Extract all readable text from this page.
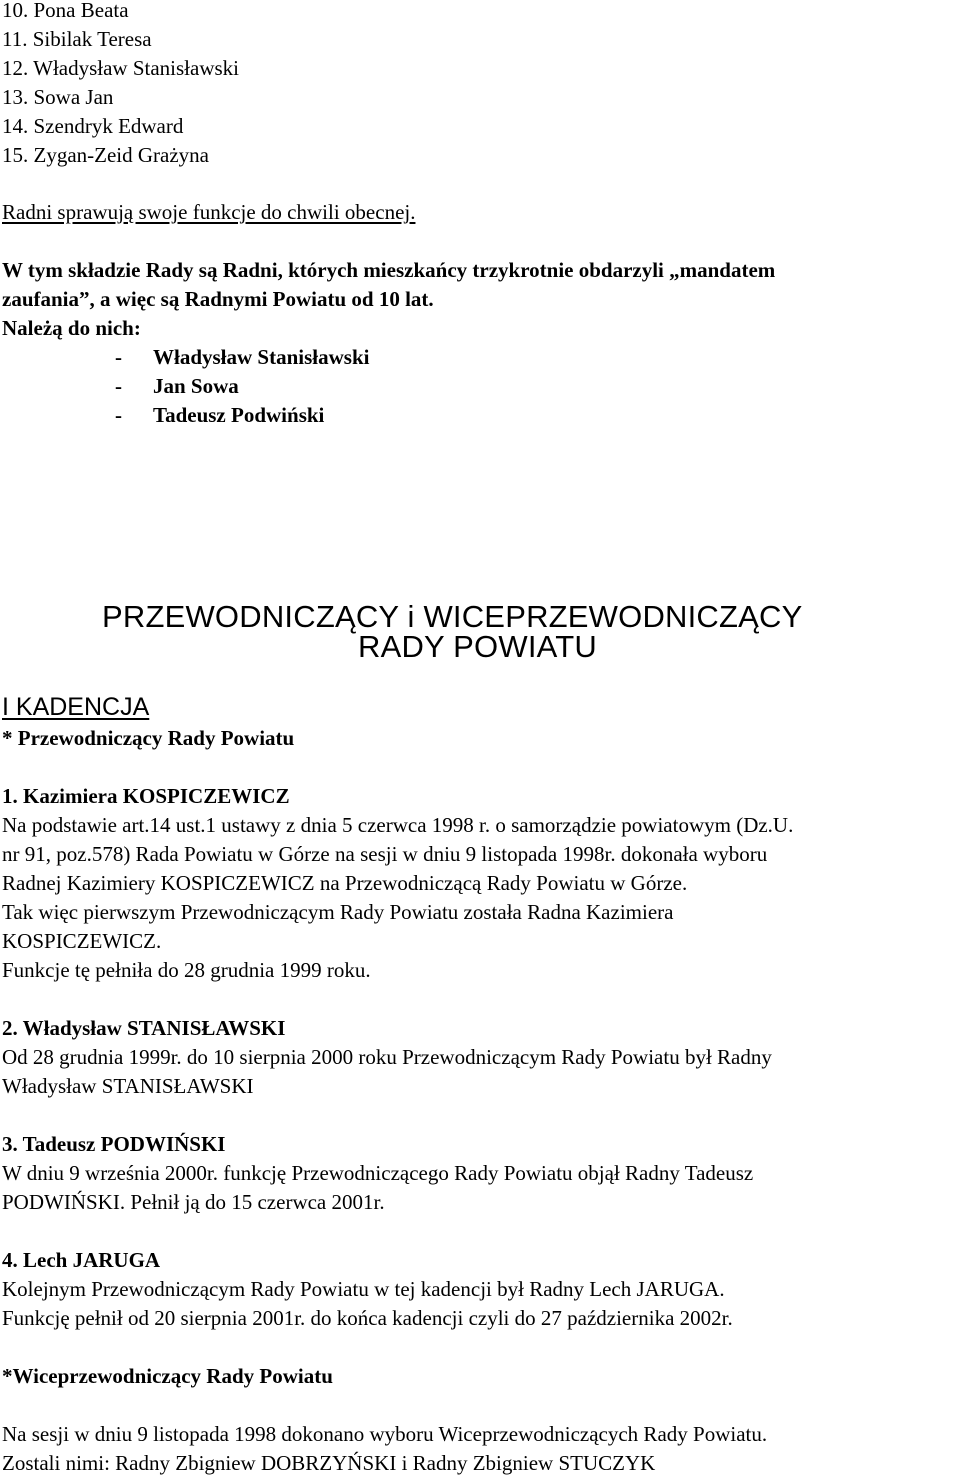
10. Pona Beata
11. Sibilak Teresa
12. Władysław Stanisławski
13. Sowa Jan
14. Szendryk Edward
15. Zygan-Zeid Grażyna
Radni sprawują swoje funkcje do chwili obecnej.
W tym składzie Rady są Radni, których mieszkańcy trzykrotnie obdarzyli „mandatem
zaufania”, a więc są Radnymi Powiatu od 10 lat.
Należą do nich:
- Władysław Stanisławski
- Jan Sowa
- Tadeusz Podwiński
PRZEWODNICZĄCY i WICEPRZEWODNICZĄCY
RADY POWIATU
I KADENCJA
* Przewodniczący Rady Powiatu
1. Kazimiera KOSPICZEWICZ
Na podstawie art.14 ust.1 ustawy z dnia 5 czerwca 1998 r. o samorządzie powiatowym (Dz.U.
nr 91, poz.578) Rada Powiatu w Górze na sesji w dniu 9 listopada 1998r. dokonała wyboru
Radnej Kazimiery KOSPICZEWICZ na Przewodniczącą Rady Powiatu w Górze.
Tak więc pierwszym Przewodniczącym Rady Powiatu została Radna Kazimiera
KOSPICZEWICZ.
Funkcje tę pełniła do 28 grudnia 1999 roku.
2. Władysław STANISŁAWSKI
Od 28 grudnia 1999r. do 10 sierpnia 2000 roku Przewodniczącym Rady Powiatu był Radny
Władysław STANISŁAWSKI
3. Tadeusz PODWIŃSKI
W dniu 9 września 2000r. funkcję Przewodniczącego Rady Powiatu objął Radny Tadeusz
PODWIŃSKI. Pełnił ją do 15 czerwca 2001r.
4. Lech JARUGA
Kolejnym Przewodniczącym Rady Powiatu w tej kadencji był Radny Lech JARUGA.
Funkcję pełnił od 20 sierpnia 2001r. do końca kadencji czyli do 27 października 2002r.
*Wiceprzewodniczący Rady Powiatu
Na sesji w dniu 9 listopada 1998 dokonano wyboru Wiceprzewodniczących Rady Powiatu.
Zostali nimi: Radny Zbigniew DOBRZYŃSKI i Radny Zbigniew STUCZYK
